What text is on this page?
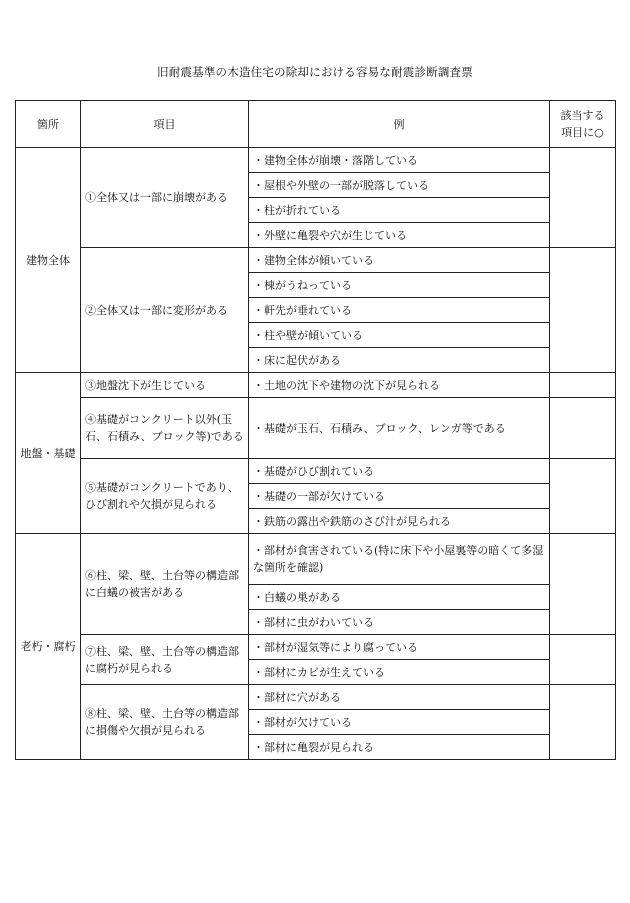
旧耐震基準の木造住宅の除却における容易な耐震診断調査票
箇所	項目	例	該当する
項目に○

建物全体	①全体又は一部に崩壊がある	・建物全体が崩壊・落階している	
		・屋根や外壁の一部が脱落している	
		・柱が折れている	
		・外壁に亀裂や穴が生じている	
	②全体又は一部に変形がある	・建物全体が傾いている	
		・棟がうねっている	
		・軒先が垂れている	
		・柱や壁が傾いている	
		・床に起伏がある	
地盤・基礎	③地盤沈下が生じている	・土地の沈下や建物の沈下が見られる	
	④基礎がコンクリート以外(玉石、石積み、ブロック等)である	・基礎が玉石、石積み、ブロック、レンガ等である	
	⑤基礎がコンクリートであり、ひび割れや欠損が見られる	・基礎がひび割れている	
		・基礎の一部が欠けている	
		・鉄筋の露出や鉄筋のさび汁が見られる	
老朽・腐朽	⑥柱、梁、壁、土台等の構造部に白蟻の被害がある	・部材が食害されている(特に床下や小屋裏等の暗くて多湿な箇所を確認)	
		・白蟻の巣がある	
		・部材に虫がわいている	
	⑦柱、梁、壁、土台等の構造部に腐朽が見られる	・部材が湿気等により腐っている	
		・部材にカビが生えている	
	⑧柱、梁、壁、土台等の構造部に損傷や欠損が見られる	・部材に穴がある	
		・部材が欠けている	
		・部材に亀裂が見られる	
